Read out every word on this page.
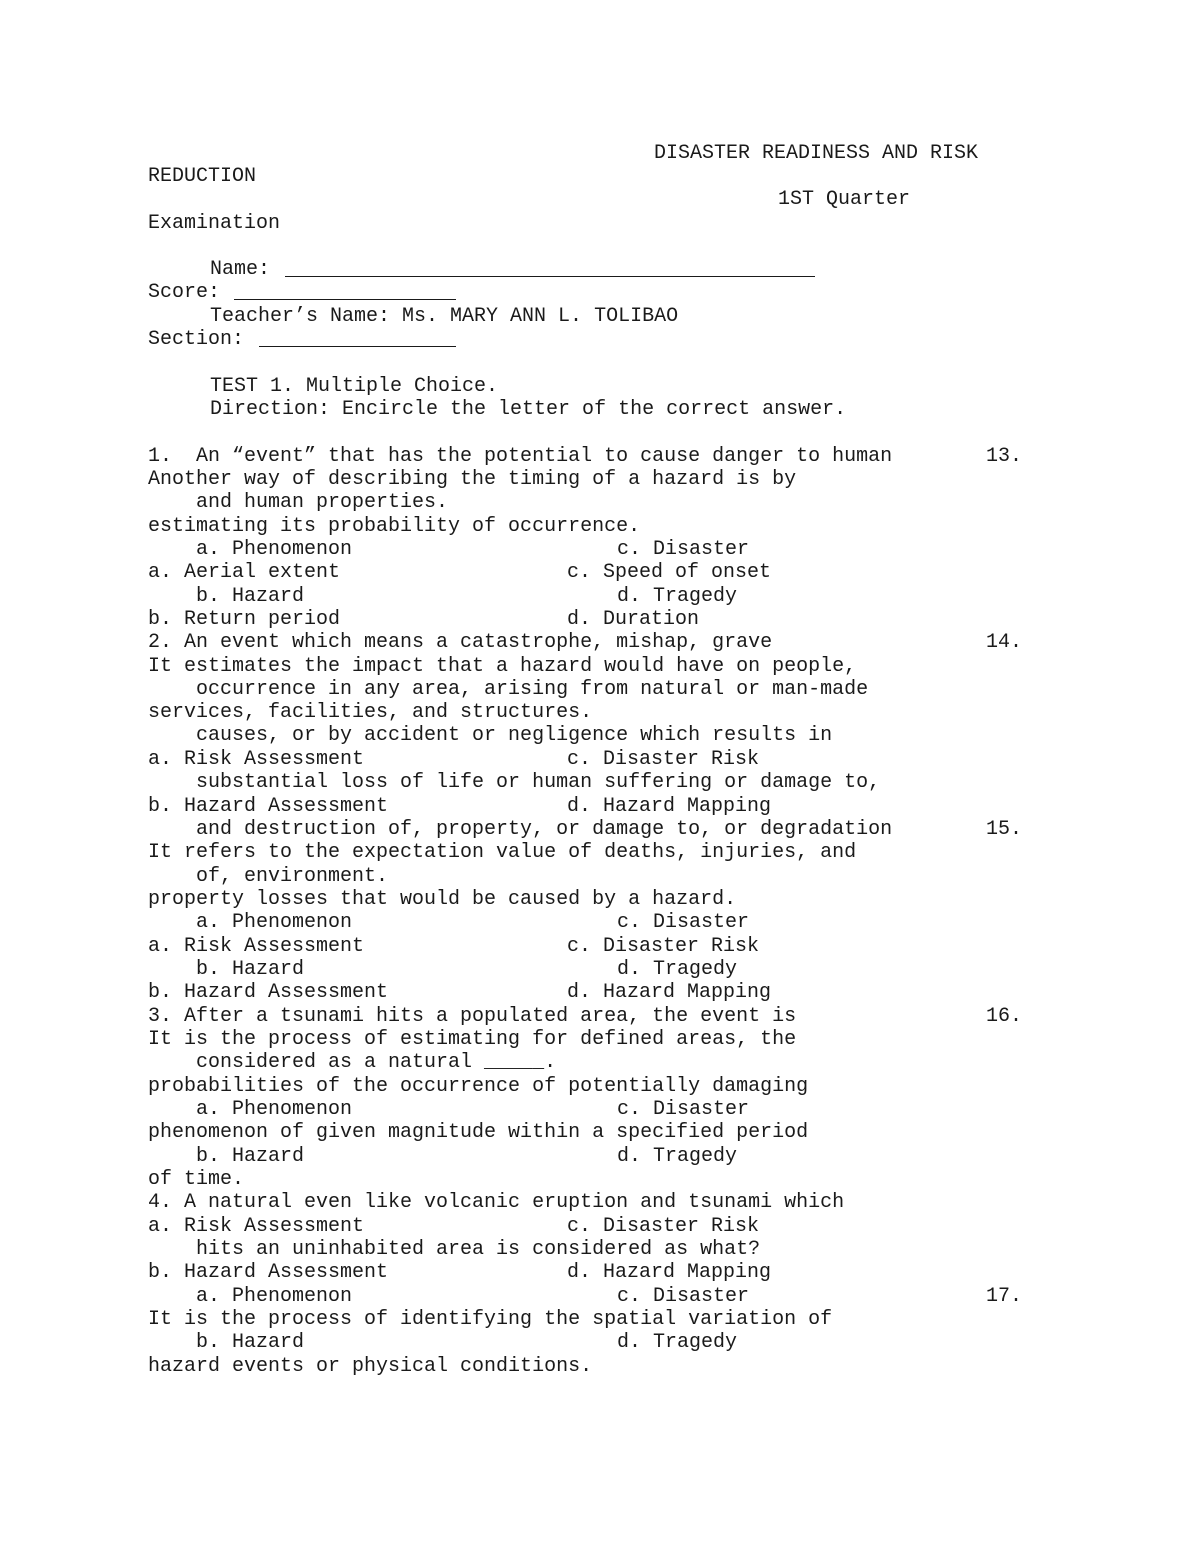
DISASTER READINESS AND RISK
REDUCTION
1ST Quarter
Examination
Name:
Score:
Teacher’s Name: Ms. MARY ANN L. TOLIBAO
Section:
TEST 1. Multiple Choice.
Direction: Encircle the letter of the correct answer.
1.  An “event” that has the potential to cause danger to human
Another way of describing the timing of a hazard is by
and human properties.
estimating its probability of occurrence.
a. Phenomenon
a. Aerial extent
b. Hazard
b. Return period
2. An event which means a catastrophe, mishap, grave
It estimates the impact that a hazard would have on people,
occurrence in any area, arising from natural or man-made
services, facilities, and structures.
causes, or by accident or negligence which results in
a. Risk Assessment
substantial loss of life or human suffering or damage to,
b. Hazard Assessment
and destruction of, property, or damage to, or degradation
It refers to the expectation value of deaths, injuries, and
of, environment.
property losses that would be caused by a hazard.
a. Phenomenon
a. Risk Assessment
b. Hazard
b. Hazard Assessment
3. After a tsunami hits a populated area, the event is
It is the process of estimating for defined areas, the
considered as a natural _____.
probabilities of the occurrence of potentially damaging
a. Phenomenon
phenomenon of given magnitude within a specified period
b. Hazard
of time.
4. A natural even like volcanic eruption and tsunami which
a. Risk Assessment
hits an uninhabited area is considered as what?
b. Hazard Assessment
a. Phenomenon
It is the process of identifying the spatial variation of
b. Hazard
hazard events or physical conditions.
c. Disaster
c. Speed of onset
d. Tragedy
d. Duration
c. Disaster Risk
d. Hazard Mapping
c. Disaster
c. Disaster Risk
d. Tragedy
d. Hazard Mapping
c. Disaster
d. Tragedy
c. Disaster Risk
d. Hazard Mapping
c. Disaster
d. Tragedy
13.
14.
15.
16.
17.
